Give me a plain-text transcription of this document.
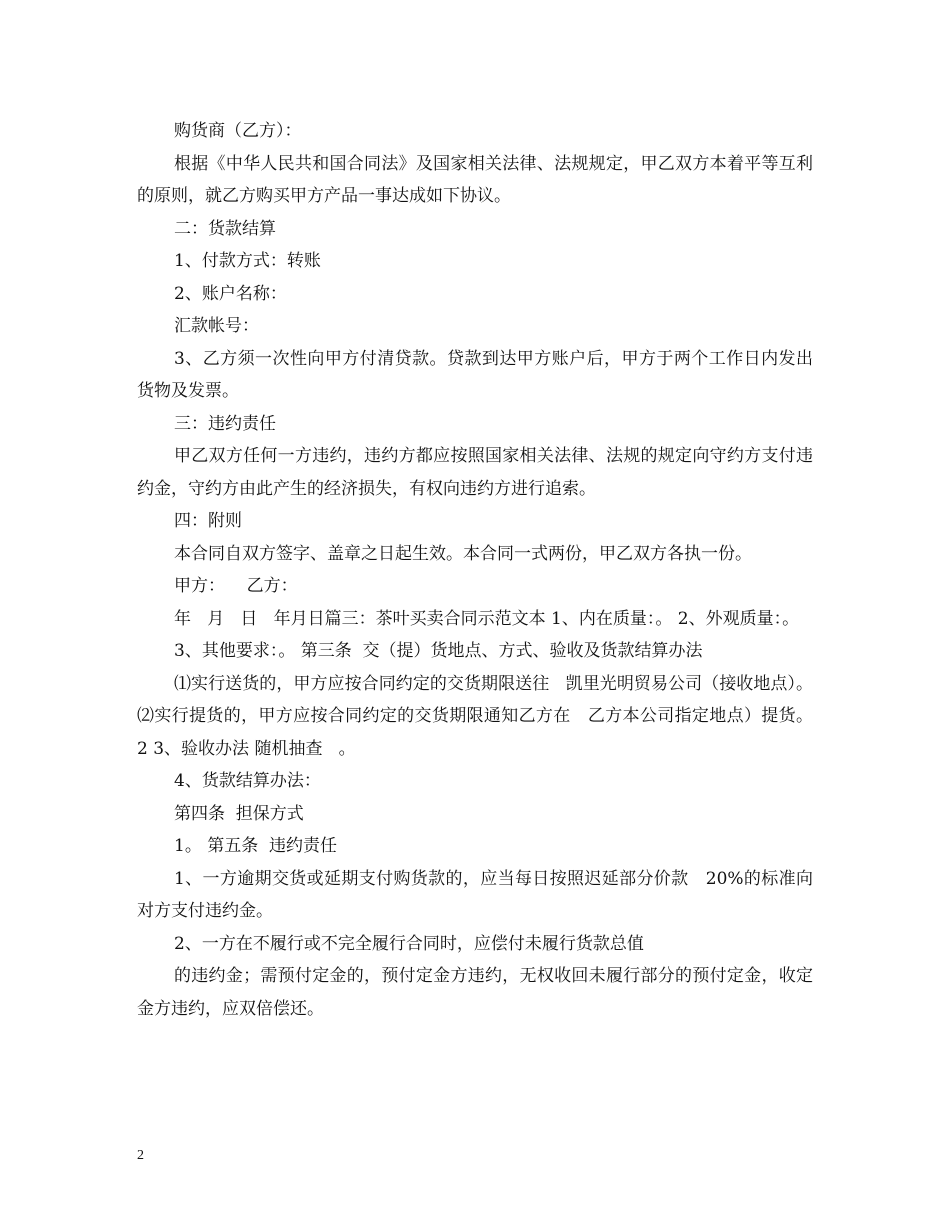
购货商（乙方）：

根据《中华人民共和国合同法》及国家相关法律、法规规定，甲乙双方本着平等互利的原则，就乙方购买甲方产品一事达成如下协议。

二：货款结算

1、付款方式：转账

2、账户名称：

汇款帐号：

3、乙方须一次性向甲方付清贷款。贷款到达甲方账户后，甲方于两个工作日内发出货物及发票。

三：违约责任

甲乙双方任何一方违约，违约方都应按照国家相关法律、法规的规定向守约方支付违约金，守约方由此产生的经济损失，有权向违约方进行追索。

四：附则

本合同自双方签字、盖章之日起生效。本合同一式两份，甲乙双方各执一份。

甲方：    乙方：

年   月   日   年月日篇三：茶叶买卖合同示范文本 1、内在质量：。 2、外观质量：。

3、其他要求：。 第三条  交（提）货地点、方式、验收及货款结算办法

⑴实行送货的，甲方应按合同约定的交货期限送往   凯里光明贸易公司（接收地点）。 ⑵实行提货的，甲方应按合同约定的交货期限通知乙方在   乙方本公司指定地点）提货。 2 3、验收办法 随机抽查   。

4、货款结算办法：

第四条  担保方式

1。 第五条  违约责任

1、一方逾期交货或延期支付购货款的，应当每日按照迟延部分价款   20%的标准向对方支付违约金。

2、一方在不履行或不完全履行合同时，应偿付未履行货款总值

的违约金；需预付定金的，预付定金方违约，无权收回未履行部分的预付定金，收定金方违约，应双倍偿还。

2
